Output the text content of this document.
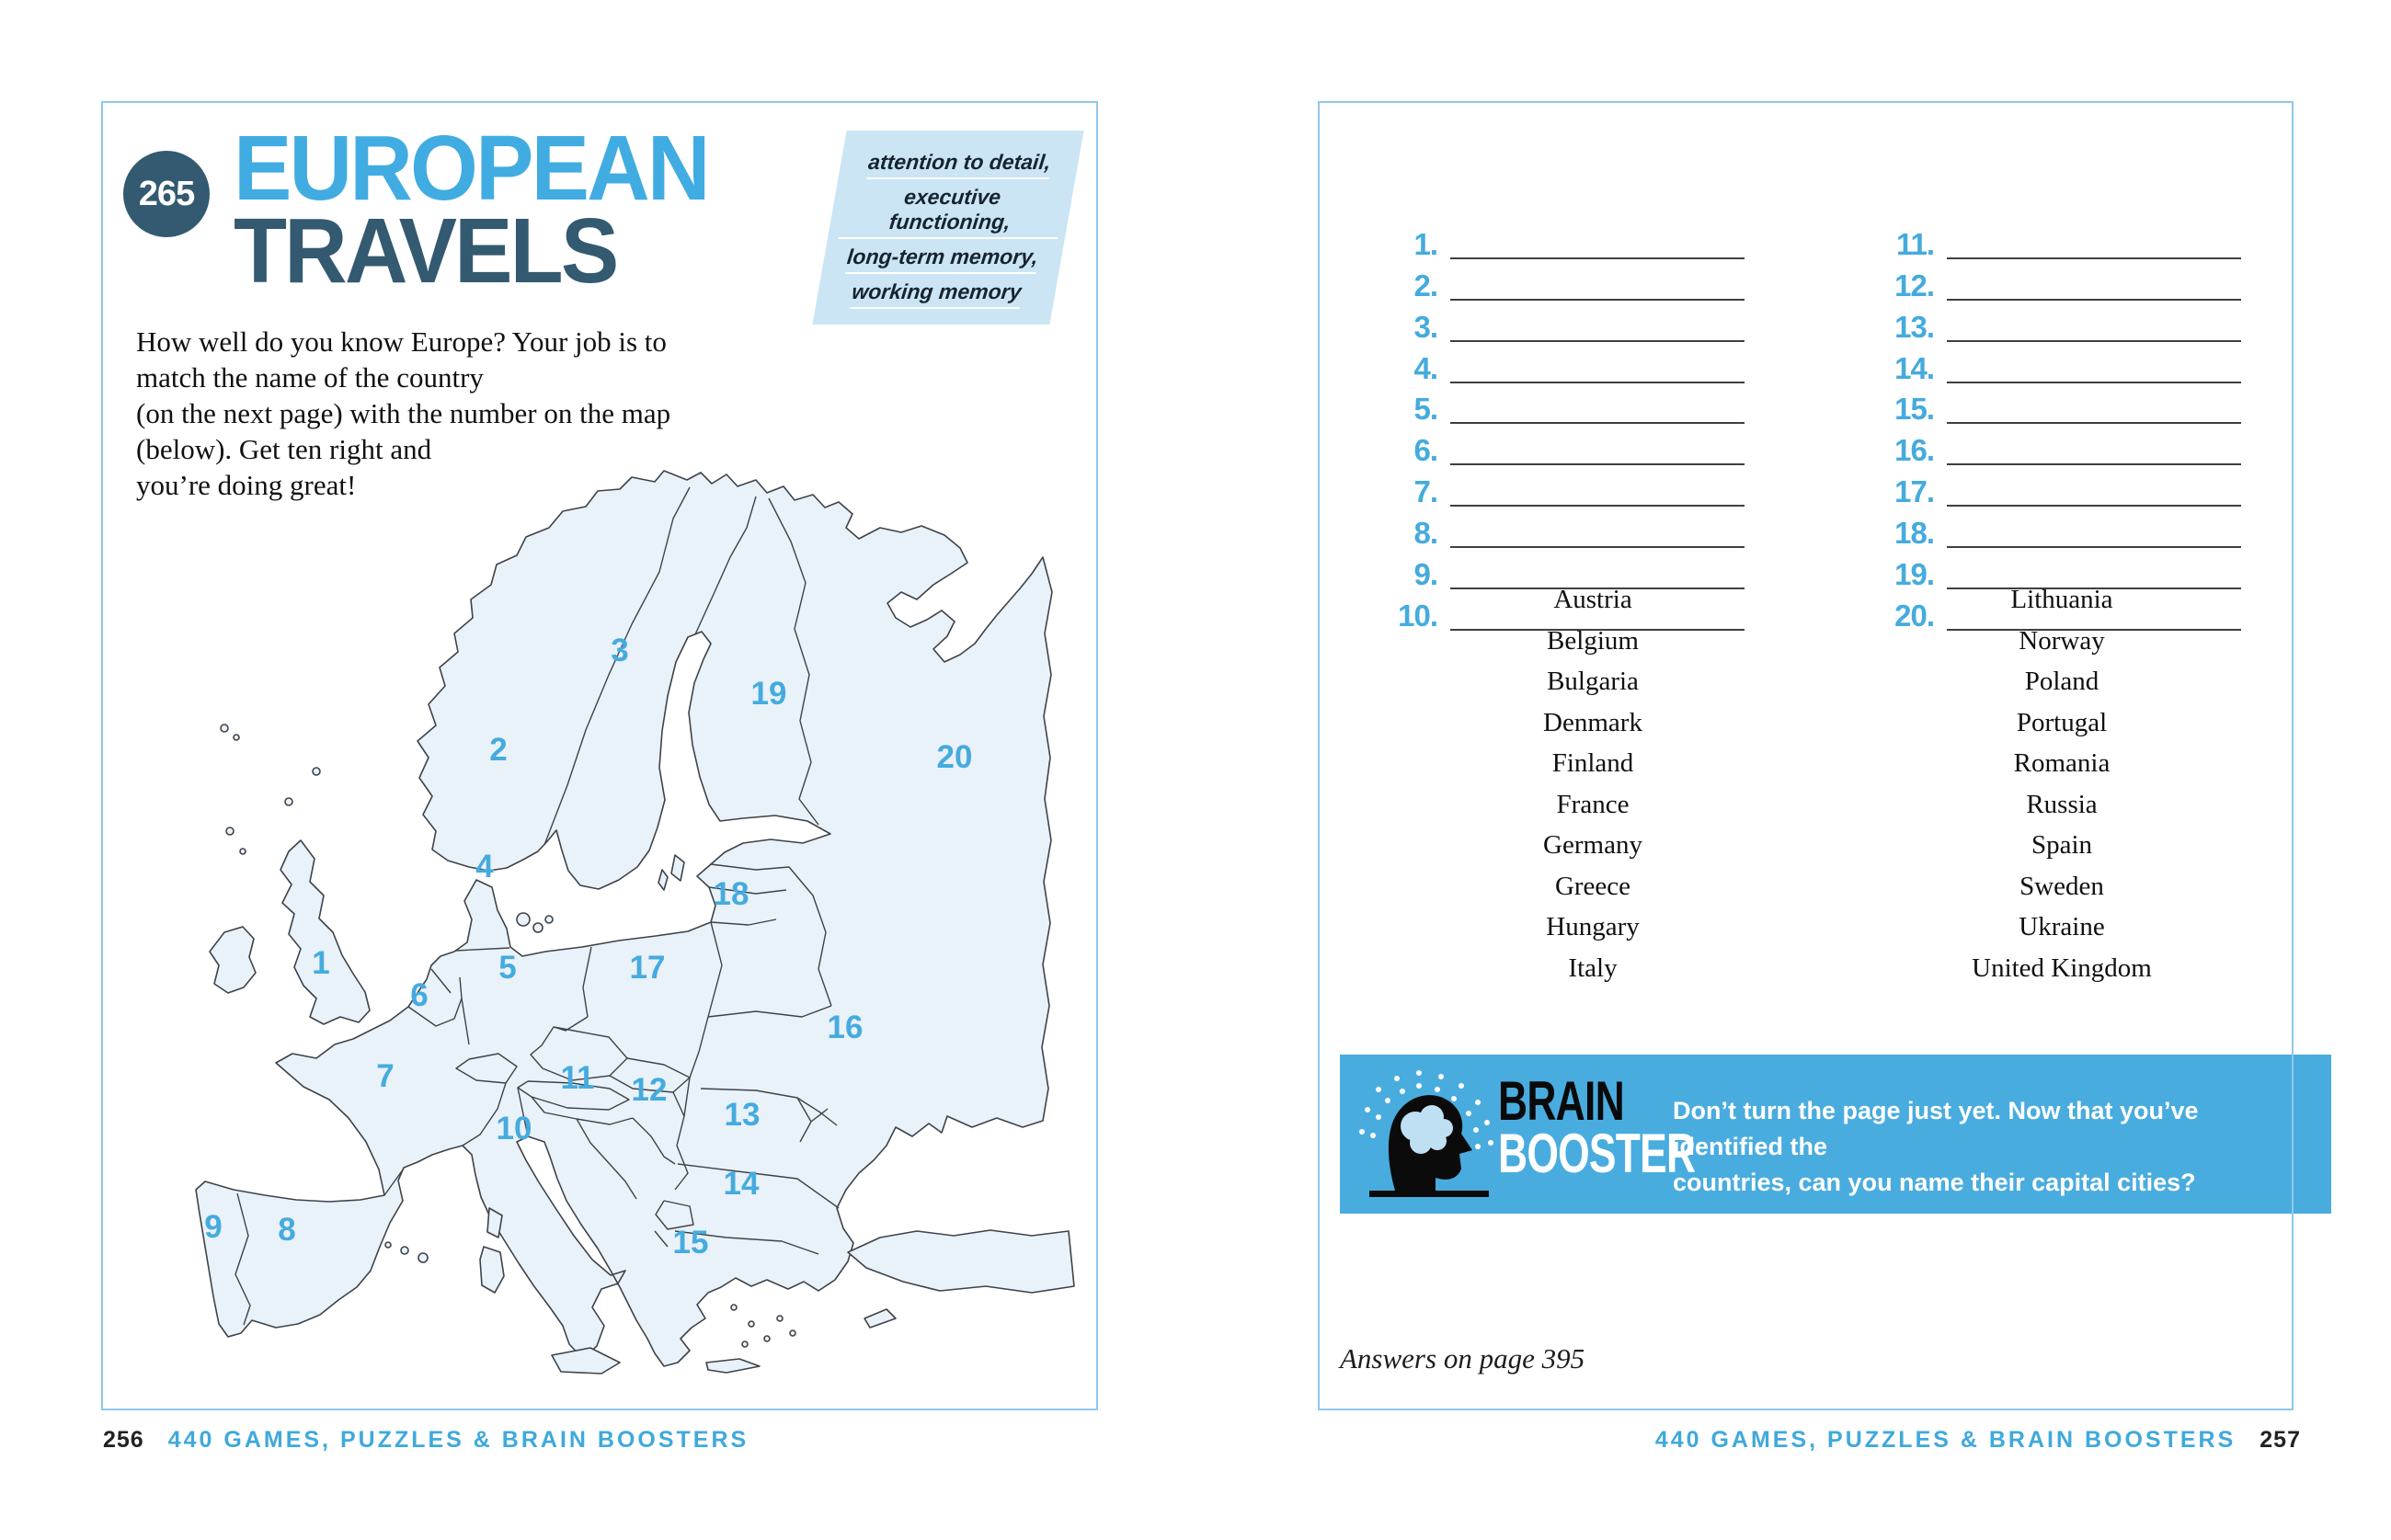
265 EUROPEAN
TRAVELS
attention to detail,
executive functioning,
long-term memory,
working memory
How well do you know Europe? Your job is to match the name of the country
(on the next page) with the number on the map (below). Get ten right and
you’re doing great!
1
2
3
4
5
6
7
8
9
10
11 12
13
14
15
16
17
18
19
20
1.
2.
3.
4.
5.
6.
7.
8.
9.
10.
11.
12.
13.
14.
15.
16.
17.
18.
19.
20.
Austria
Belgium
Bulgaria
Denmark
Finland
France
Germany
Greece
Hungary
Italy
Lithuania
Norway
Poland
Portugal
Romania
Russia
Spain
Sweden
Ukraine
United Kingdom
BRAIN
BOOSTER
Don’t turn the page just yet. Now that you’ve identified the
countries, can you name their capital cities?
Answers on page 395
256 440 GAMES, PUZZLES & BRAIN BOOSTERS	440 GAMES, PUZZLES & BRAIN BOOSTERS 257
